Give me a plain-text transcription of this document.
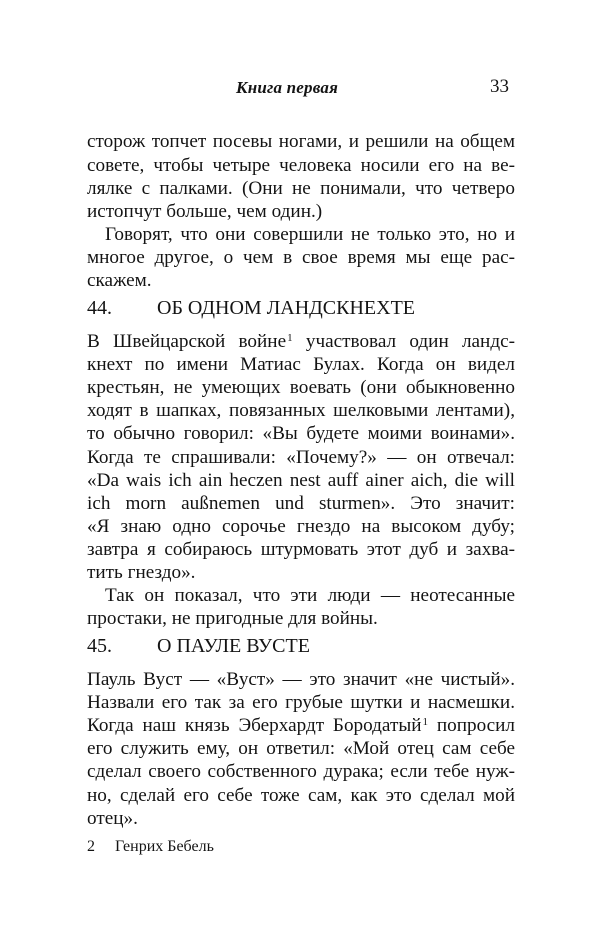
Книга первая	33
сторож топчет посевы ногами, и решили на общем
совете, чтобы четыре человека носили его на ве-
лялке с палками. (Они не понимали, что четверо
истопчут больше, чем один.)
Говорят, что они совершили не только это, но и
многое другое, о чем в свое время мы еще рас-
скажем.
44. ОБ ОДНОМ ЛАНДСКНЕХТЕ
В Швейцарской войне$^1$ участвовал один ландс-
кнехт по имени Матиас Булах. Когда он видел
крестьян, не умеющих воевать (они обыкновенно
ходят в шапках, повязанных шелковыми лентами),
то обычно говорил: «Вы будете моими воинами».
Когда те спрашивали: «Почему?» — он отвечал:
«Da wais ich ain heczen nest auff ainer aich, die will
ich morn außnemen und sturmen». Это значит:
«Я знаю одно сорочье гнездо на высоком дубу;
завтра я собираюсь штурмовать этот дуб и захва-
тить гнездо».
Так он показал, что эти люди — неотесанные
простаки, не пригодные для войны.
45. О ПАУЛЕ ВУСТЕ
Пауль Вуст — «Вуст» — это значит «не чистый».
Назвали его так за его грубые шутки и насмешки.
Когда наш князь Эберхардт Бородатый$^1$ попросил
его служить ему, он ответил: «Мой отец сам себе
сделал своего собственного дурака; если тебе нуж-
но, сделай его себе тоже сам, как это сделал мой
отец».
2 Генрих Бебель
